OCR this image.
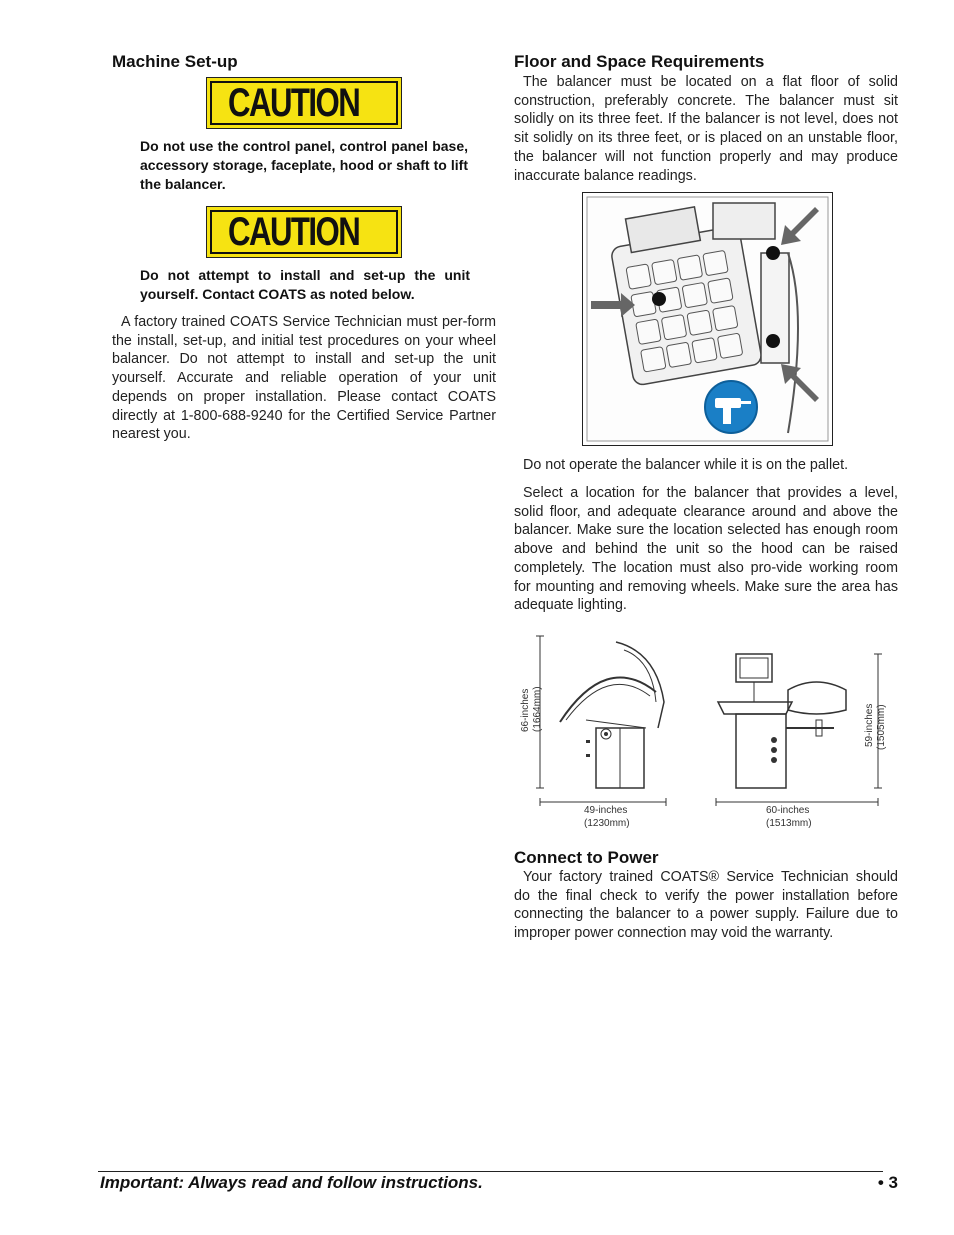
Machine Set-up
CAUTION
Do not use the control panel, control panel base, accessory storage, faceplate, hood or shaft to lift the balancer.
CAUTION
Do not attempt to install and set-up the unit yourself. Contact COATS as noted below.

A factory trained COATS Service Technician must per-form the install, set-up, and initial test procedures on your wheel balancer. Do not attempt to install and set-up the unit yourself. Accurate and reliable operation of your unit depends on proper installation. Please contact COATS directly at 1-800-688-9240 for the Certified Service Partner nearest you.

Floor and Space Requirements

The balancer must be located on a flat floor of solid construction, preferably concrete. The balancer must sit solidly on its three feet. If the balancer is not level, does not sit solidly on its three feet, or is placed on an unstable floor, the balancer will not function properly and may produce inaccurate balance readings.

Do not operate the balancer while it is on the pallet.

Select a location for the balancer that provides a level, solid floor, and adequate clearance around and above the balancer. Make sure the location selected has enough room above and behind the unit so the hood can be raised completely. The location must also pro-vide working room for mounting and removing wheels. Make sure the area has adequate lighting.

66-inches (1664mm)
49-inches
(1230mm)
60-inches
(1513mm)
59-inches (1505mm)
Connect to Power

Your factory trained COATS® Service Technician should do the final check to verify the power installation before connecting the balancer to a power supply. Failure due to improper power connection may void the warranty.

Important: Always read and follow instructions.	• 3
